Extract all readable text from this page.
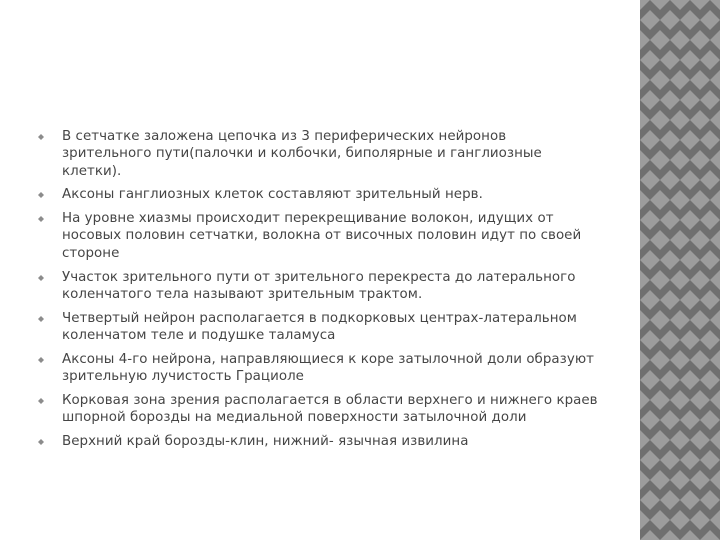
В сетчатке заложена цепочка из 3 периферических нейронов зрительного пути(палочки и колбочки, биполярные и ганглиозные клетки).
Аксоны ганглиозных клеток составляют зрительный нерв.
На уровне хиазмы происходит перекрещивание волокон, идущих от носовых половин сетчатки, волокна от височных половин идут по своей стороне
Участок зрительного пути от зрительного перекреста до латерального коленчатого тела называют зрительным трактом.
Четвертый нейрон располагается в подкорковых центрах-латеральном коленчатом теле и подушке таламуса
Аксоны 4-го нейрона, направляющиеся к коре затылочной доли образуют зрительную лучистость Грациоле
Корковая зона зрения располагается в области верхнего и нижнего краев шпорной борозды на медиальной поверхности затылочной доли
Верхний край борозды-клин, нижний- язычная извилина
